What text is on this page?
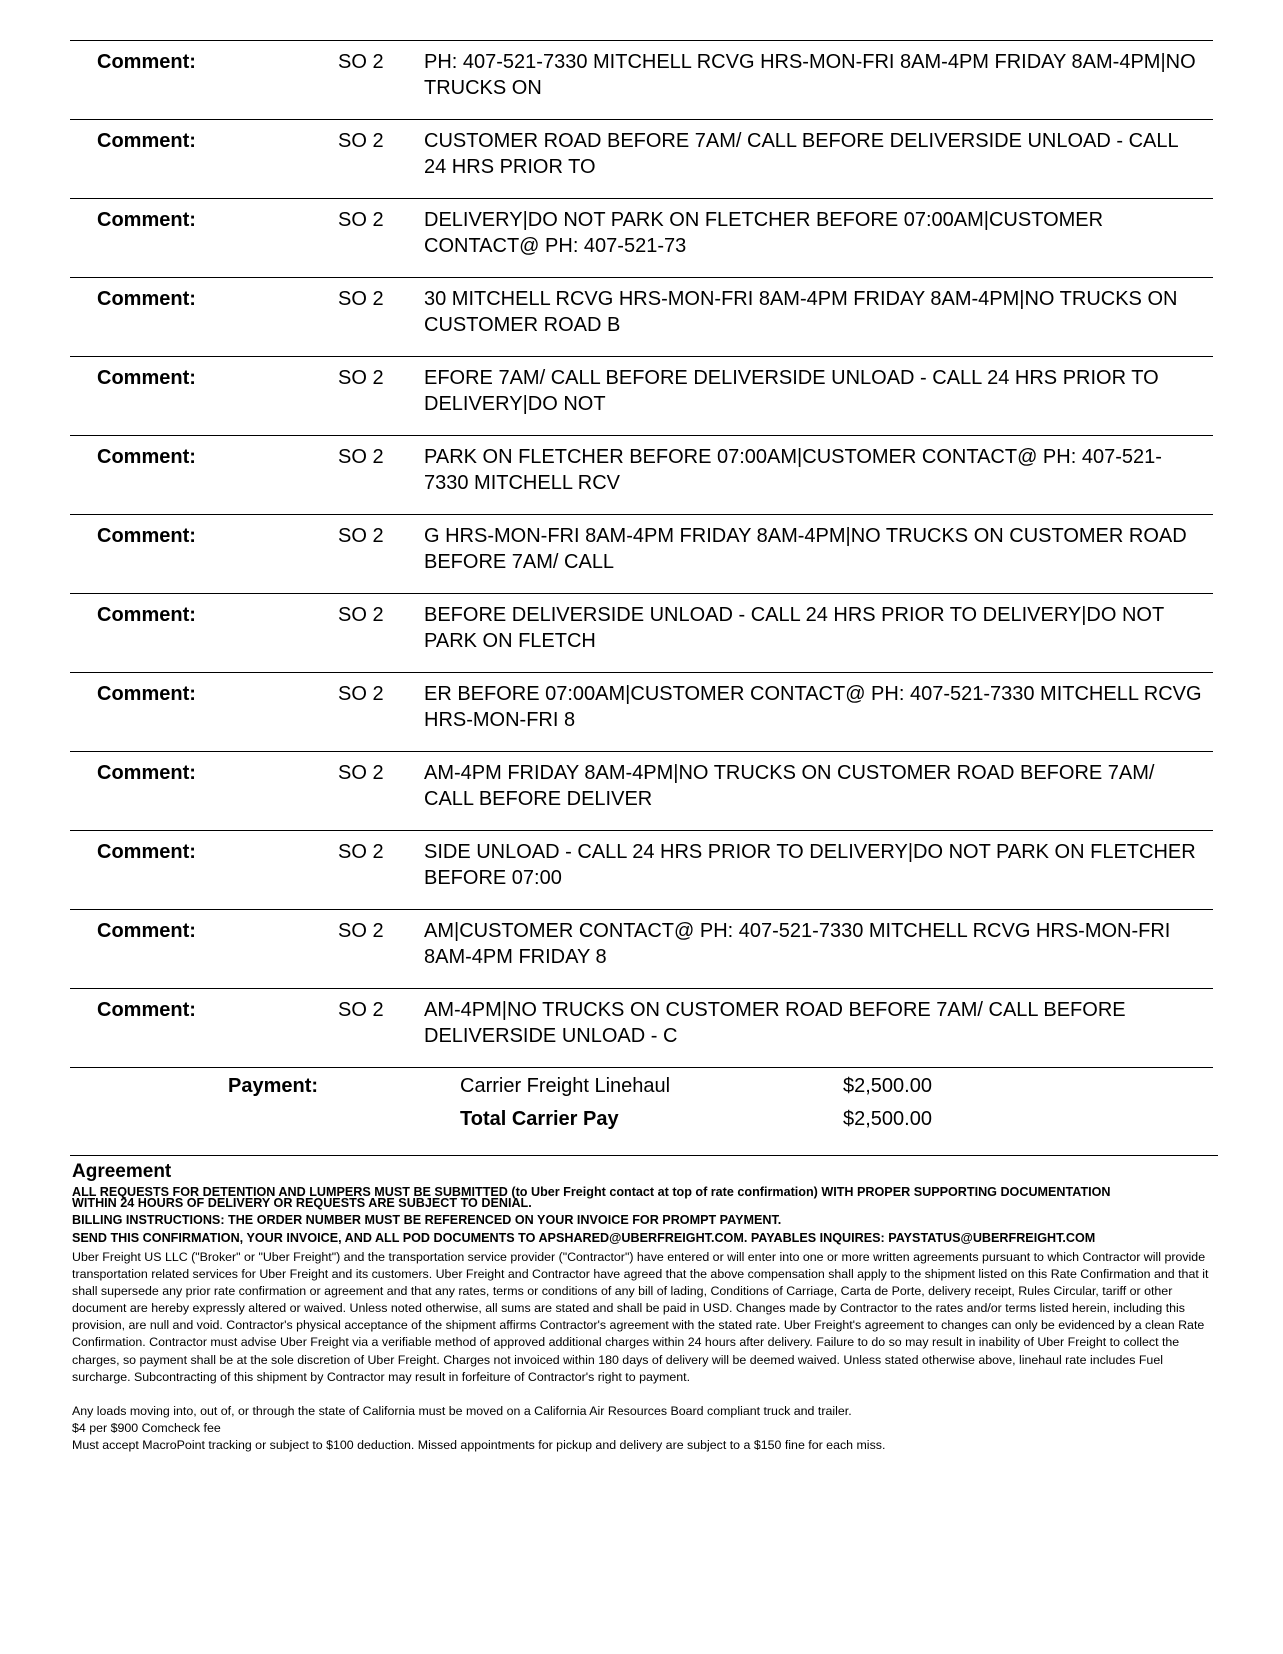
Comment:	SO 2 PH: 407-521-7330 MITCHELL RCVG HRS-MON-FRI 8AM-4PM FRIDAY 8AM-4PM|NO TRUCKS ON
Comment:	SO 2 CUSTOMER ROAD BEFORE 7AM/ CALL BEFORE DELIVERSIDE UNLOAD - CALL 24 HRS PRIOR TO
Comment:	SO 2 DELIVERY|DO NOT PARK ON FLETCHER BEFORE 07:00AM|CUSTOMER CONTACT@ PH: 407-521-73
Comment:	SO 2 30 MITCHELL RCVG HRS-MON-FRI 8AM-4PM FRIDAY 8AM-4PM|NO TRUCKS ON CUSTOMER ROAD B
Comment:	SO 2 EFORE 7AM/ CALL BEFORE DELIVERSIDE UNLOAD - CALL 24 HRS PRIOR TO DELIVERY|DO NOT
Comment:	SO 2 PARK ON FLETCHER BEFORE 07:00AM|CUSTOMER CONTACT@ PH: 407-521-7330 MITCHELL RCV
Comment:	SO 2 G HRS-MON-FRI 8AM-4PM FRIDAY 8AM-4PM|NO TRUCKS ON CUSTOMER ROAD BEFORE 7AM/ CALL
Comment:	SO 2 BEFORE DELIVERSIDE UNLOAD - CALL 24 HRS PRIOR TO DELIVERY|DO NOT PARK ON FLETCH
Comment:	SO 2 ER BEFORE 07:00AM|CUSTOMER CONTACT@ PH: 407-521-7330 MITCHELL RCVG HRS-MON-FRI 8
Comment:	SO 2 AM-4PM FRIDAY 8AM-4PM|NO TRUCKS ON CUSTOMER ROAD BEFORE 7AM/ CALL BEFORE DELIVER
Comment:	SO 2 SIDE UNLOAD - CALL 24 HRS PRIOR TO DELIVERY|DO NOT PARK ON FLETCHER BEFORE 07:00
Comment:	SO 2 AM|CUSTOMER CONTACT@ PH: 407-521-7330 MITCHELL RCVG HRS-MON-FRI 8AM-4PM FRIDAY 8
Comment:	SO 2 AM-4PM|NO TRUCKS ON CUSTOMER ROAD BEFORE 7AM/ CALL BEFORE DELIVERSIDE UNLOAD - C
Payment:	Carrier Freight Linehaul	$2,500.00
Total Carrier Pay	$2,500.00
Agreement
ALL REQUESTS FOR DETENTION AND LUMPERS MUST BE SUBMITTED (to Uber Freight contact at top of rate confirmation) WITH PROPER SUPPORTING DOCUMENTATION
WITHIN 24 HOURS OF DELIVERY OR REQUESTS ARE SUBJECT TO DENIAL.
BILLING INSTRUCTIONS: THE ORDER NUMBER MUST BE REFERENCED ON YOUR INVOICE FOR PROMPT PAYMENT.
SEND THIS CONFIRMATION, YOUR INVOICE, AND ALL POD DOCUMENTS TO APSHARED@UBERFREIGHT.COM. PAYABLES INQUIRES: PAYSTATUS@UBERFREIGHT.COM
Uber Freight US LLC ("Broker" or "Uber Freight") and the transportation service provider ("Contractor") have entered or will enter into one or more written agreements pursuant to which Contractor will provide transportation related services for Uber Freight and its customers. Uber Freight and Contractor have agreed that the above compensation shall apply to the shipment listed on this Rate Confirmation and that it shall supersede any prior rate confirmation or agreement and that any rates, terms or conditions of any bill of lading, Conditions of Carriage, Carta de Porte, delivery receipt, Rules Circular, tariff or other document are hereby expressly altered or waived. Unless noted otherwise, all sums are stated and shall be paid in USD. Changes made by Contractor to the rates and/or terms listed herein, including this provision, are null and void. Contractor's physical acceptance of the shipment affirms Contractor's agreement with the stated rate. Uber Freight's agreement to changes can only be evidenced by a clean Rate Confirmation. Contractor must advise Uber Freight via a verifiable method of approved additional charges within 24 hours after delivery. Failure to do so may result in inability of Uber Freight to collect the charges, so payment shall be at the sole discretion of Uber Freight. Charges not invoiced within 180 days of delivery will be deemed waived. Unless stated otherwise above, linehaul rate includes Fuel surcharge. Subcontracting of this shipment by Contractor may result in forfeiture of Contractor's right to payment.
Any loads moving into, out of, or through the state of California must be moved on a California Air Resources Board compliant truck and trailer.
$4 per $900 Comcheck fee
Must accept MacroPoint tracking or subject to $100 deduction. Missed appointments for pickup and delivery are subject to a $150 fine for each miss.
